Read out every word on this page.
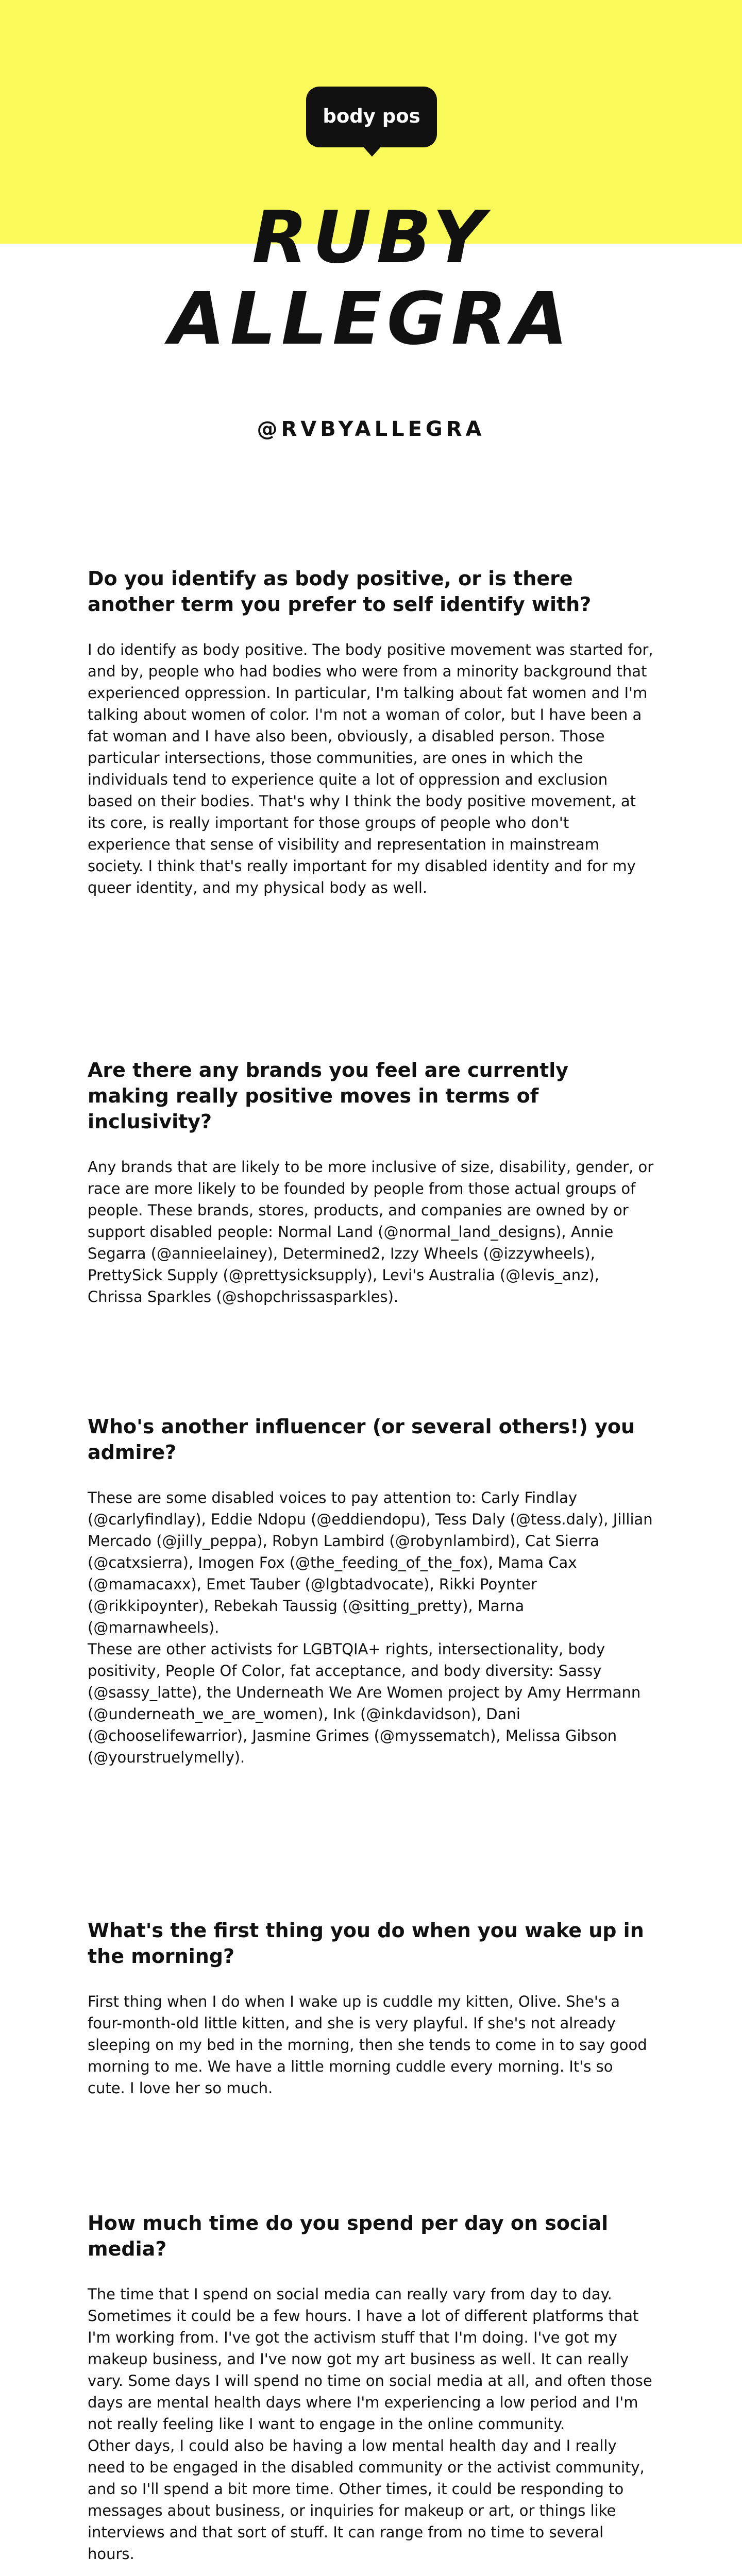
body pos
RUBY
ALLEGRA
@RVBYALLEGRA
Do you identify as body positive, or is there another term you prefer to self identify with?

I do identify as body positive. The body positive movement was started for, and by, people who had bodies who were from a minority background that experienced oppression. In particular, I'm talking about fat women and I'm talking about women of color. I'm not a woman of color, but I have been a fat woman and I have also been, obviously, a disabled person. Those particular intersections, those communities, are ones in which the individuals tend to experience quite a lot of oppression and exclusion based on their bodies. That's why I think the body positive movement, at its core, is really important for those groups of people who don't experience that sense of visibility and representation in mainstream society. I think that's really important for my disabled identity and for my queer identity, and my physical body as well.

Are there any brands you feel are currently making really positive moves in terms of inclusivity?

Any brands that are likely to be more inclusive of size, disability, gender, or race are more likely to be founded by people from those actual groups of people. These brands, stores, products, and companies are owned by or support disabled people: Normal Land (@normal_land_designs), Annie Segarra (@annieelainey), Determined2, Izzy Wheels (@izzywheels), PrettySick Supply (@prettysicksupply), Levi's Australia (@levis_anz), Chrissa Sparkles (@shopchrissasparkles).

Who's another influencer (or several others!) you admire?

These are some disabled voices to pay attention to: Carly Findlay (@carlyfindlay), Eddie Ndopu (@eddiendopu), Tess Daly (@tess.daly), Jillian Mercado (@jilly_peppa), Robyn Lambird (@robynlambird), Cat Sierra (@catxsierra), Imogen Fox (@the_feeding_of_the_fox), Mama Cax (@mamacaxx), Emet Tauber (@lgbtadvocate), Rikki Poynter (@rikkipoynter), Rebekah Taussig (@sitting_pretty), Marna (@marnawheels).
These are other activists for LGBTQIA+ rights, intersectionality, body positivity, People Of Color, fat acceptance, and body diversity: Sassy (@sassy_latte), the Underneath We Are Women project by Amy Herrmann (@underneath_we_are_women), Ink (@inkdavidson), Dani (@chooselifewarrior), Jasmine Grimes (@myssematch), Melissa Gibson (@yourstruelymelly).

What's the first thing you do when you wake up in the morning?

First thing when I do when I wake up is cuddle my kitten, Olive. She's a four-month-old little kitten, and she is very playful. If she's not already sleeping on my bed in the morning, then she tends to come in to say good morning to me. We have a little morning cuddle every morning. It's so cute. I love her so much.

How much time do you spend per day on social media?

The time that I spend on social media can really vary from day to day. Sometimes it could be a few hours. I have a lot of different platforms that I'm working from. I've got the activism stuff that I'm doing. I've got my makeup business, and I've now got my art business as well. It can really vary. Some days I will spend no time on social media at all, and often those days are mental health days where I'm experiencing a low period and I'm not really feeling like I want to engage in the online community.
Other days, I could also be having a low mental health day and I really need to be engaged in the disabled community or the activist community, and so I'll spend a bit more time. Other times, it could be responding to messages about business, or inquiries for makeup or art, or things like interviews and that sort of stuff. It can range from no time to several hours.
